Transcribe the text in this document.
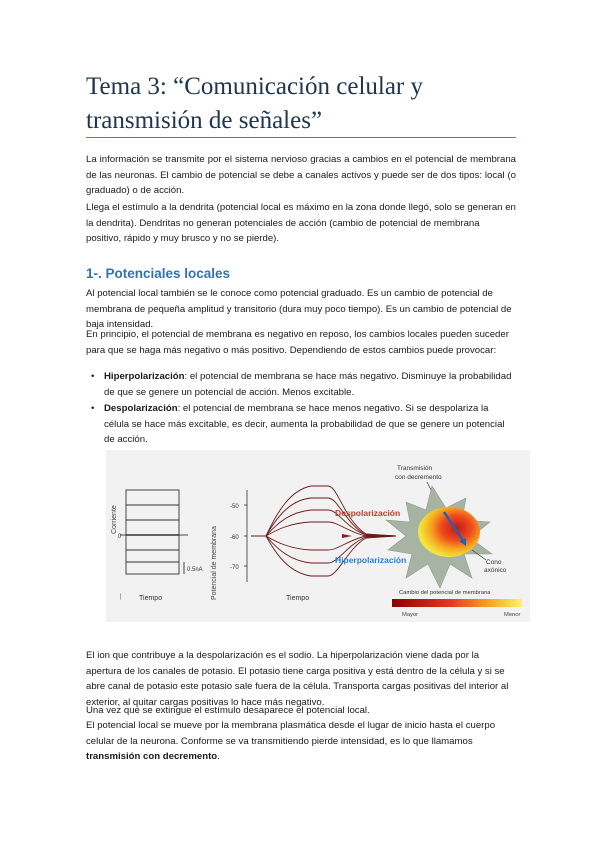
Tema 3: “Comunicación celular y transmisión de señales”

La información se transmite por el sistema nervioso gracias a cambios en el potencial de membrana de las neuronas. El cambio de potencial se debe a canales activos y puede ser de dos tipos: local (o graduado) o de acción.

Llega el estímulo a la dendrita (potencial local es máximo en la zona donde llegó, solo se generan en la dendrita). Dendritas no generan potenciales de acción (cambio de potencial de membrana positivo, rápido y muy brusco y no se pierde).

1-. Potenciales locales

Al potencial local también se le conoce como potencial graduado. Es un cambio de potencial de membrana de pequeña amplitud y transitorio (dura muy poco tiempo). Es un cambio de potencial de baja intensidad.

En principio, el potencial de membrana es negativo en reposo, los cambios locales pueden suceder para que se haga más negativo o más positivo. Dependiendo de estos cambios puede provocar:

• Hiperpolarización: el potencial de membrana se hace más negativo. Disminuye la probabilidad de que se genere un potencial de acción. Menos excitable.
• Despolarización: el potencial de membrana se hace menos negativo. Si se despolariza la célula se hace más excitable, es decir, aumenta la probabilidad de que se genere un potencial de acción.
Corriente
0
0.5nA
| Tiempo	Potencial de membrana
-50
-60
-70
Despolarización
Hiperpolarización
Tiempo
Transmisión
con decremento
Cono
axónico
Cambio del potencial de membrana
Mayor	Menor

El ion que contribuye a la despolarización es el sodio. La hiperpolarización viene dada por la apertura de los canales de potasio. El potasio tiene carga positiva y está dentro de la célula y si se abre canal de potasio este potasio sale fuera de la célula. Transporta cargas positivas del interior al exterior, al quitar cargas positivas lo hace más negativo.

Una vez que se extingue el estímulo desaparece el potencial local.

El potencial local se mueve por la membrana plasmática desde el lugar de inicio hasta el cuerpo celular de la neurona. Conforme se va transmitiendo pierde intensidad, es lo que llamamos transmisión con decremento.
